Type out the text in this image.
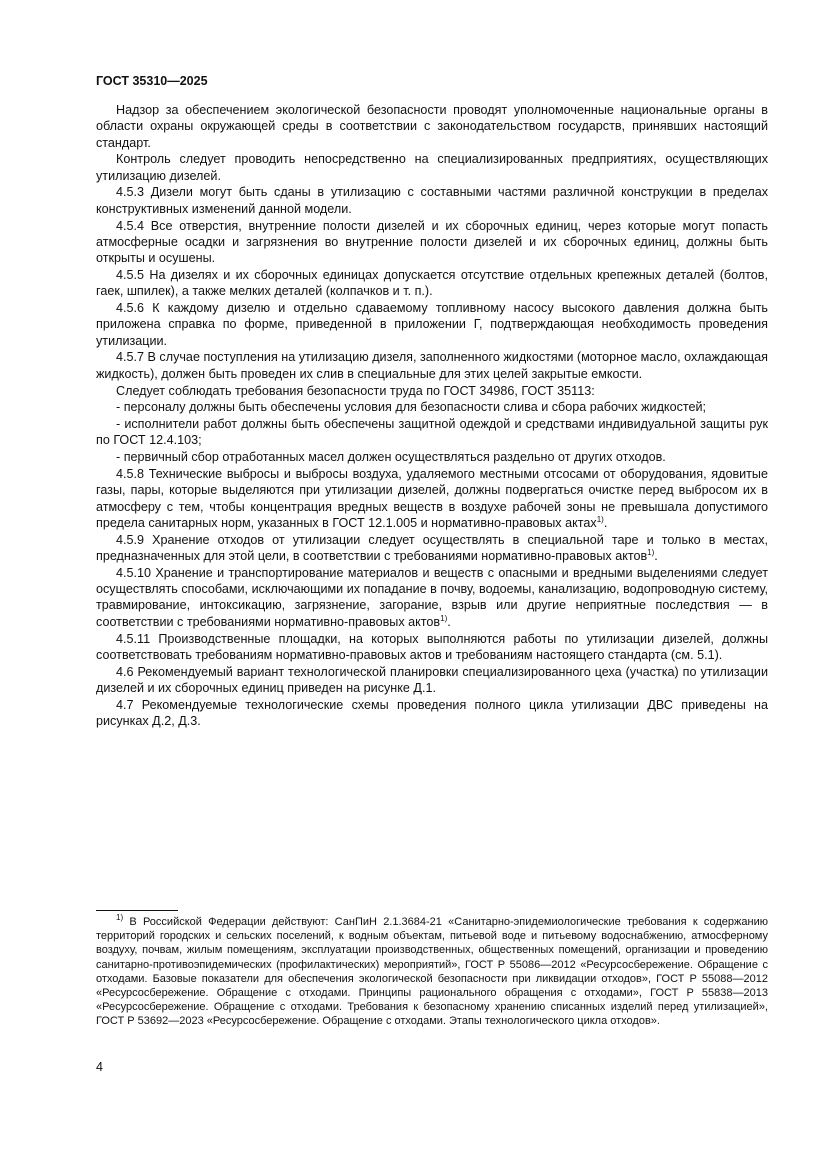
ГОСТ 35310—2025

Надзор за обеспечением экологической безопасности проводят уполномоченные национальные органы в области охраны окружающей среды в соответствии с законодательством государств, принявших настоящий стандарт.

Контроль следует проводить непосредственно на специализированных предприятиях, осуществляющих утилизацию дизелей.

4.5.3 Дизели могут быть сданы в утилизацию с составными частями различной конструкции в пределах конструктивных изменений данной модели.

4.5.4 Все отверстия, внутренние полости дизелей и их сборочных единиц, через которые могут попасть атмосферные осадки и загрязнения во внутренние полости дизелей и их сборочных единиц, должны быть открыты и осушены.

4.5.5 На дизелях и их сборочных единицах допускается отсутствие отдельных крепежных деталей (болтов, гаек, шпилек), а также мелких деталей (колпачков и т. п.).

4.5.6 К каждому дизелю и отдельно сдаваемому топливному насосу высокого давления должна быть приложена справка по форме, приведенной в приложении Г, подтверждающая необходимость проведения утилизации.

4.5.7 В случае поступления на утилизацию дизеля, заполненного жидкостями (моторное масло, охлаждающая жидкость), должен быть проведен их слив в специальные для этих целей закрытые емкости.

Следует соблюдать требования безопасности труда по ГОСТ 34986, ГОСТ 35113:

- персоналу должны быть обеспечены условия для безопасности слива и сбора рабочих жидкостей;

- исполнители работ должны быть обеспечены защитной одеждой и средствами индивидуальной защиты рук по ГОСТ 12.4.103;

- первичный сбор отработанных масел должен осуществляться раздельно от других отходов.

4.5.8 Технические выбросы и выбросы воздуха, удаляемого местными отсосами от оборудования, ядовитые газы, пары, которые выделяются при утилизации дизелей, должны подвергаться очистке перед выбросом их в атмосферу с тем, чтобы концентрация вредных веществ в воздухе рабочей зоны не превышала допустимого предела санитарных норм, указанных в ГОСТ 12.1.005 и нормативно-правовых актах$^{1)}$.

4.5.9 Хранение отходов от утилизации следует осуществлять в специальной таре и только в местах, предназначенных для этой цели, в соответствии с требованиями нормативно-правовых актов$^{1)}$.

4.5.10 Хранение и транспортирование материалов и веществ с опасными и вредными выделениями следует осуществлять способами, исключающими их попадание в почву, водоемы, канализацию, водопроводную систему, травмирование, интоксикацию, загрязнение, загорание, взрыв или другие неприятные последствия — в соответствии с требованиями нормативно-правовых актов$^{1)}$.

4.5.11 Производственные площадки, на которых выполняются работы по утилизации дизелей, должны соответствовать требованиям нормативно-правовых актов и требованиям настоящего стандарта (см. 5.1).

4.6 Рекомендуемый вариант технологической планировки специализированного цеха (участка) по утилизации дизелей и их сборочных единиц приведен на рисунке Д.1.

4.7 Рекомендуемые технологические схемы проведения полного цикла утилизации ДВС приведены на рисунках Д.2, Д.3.

$^{1)}$ В Российской Федерации действуют: СанПиН 2.1.3684-21 «Санитарно-эпидемиологические требования к содержанию территорий городских и сельских поселений, к водным объектам, питьевой воде и питьевому водоснабжению, атмосферному воздуху, почвам, жилым помещениям, эксплуатации производственных, общественных помещений, организации и проведению санитарно-противоэпидемических (профилактических) мероприятий», ГОСТ Р 55086—2012 «Ресурсосбережение. Обращение с отходами. Базовые показатели для обеспечения экологической безопасности при ликвидации отходов», ГОСТ Р 55088—2012 «Ресурсосбережение. Обращение с отходами. Принципы рационального обращения с отходами», ГОСТ Р 55838—2013 «Ресурсосбережение. Обращение с отходами. Требования к безопасному хранению списанных изделий перед утилизацией», ГОСТ Р 53692—2023 «Ресурсосбережение. Обращение с отходами. Этапы технологического цикла отходов».

4
